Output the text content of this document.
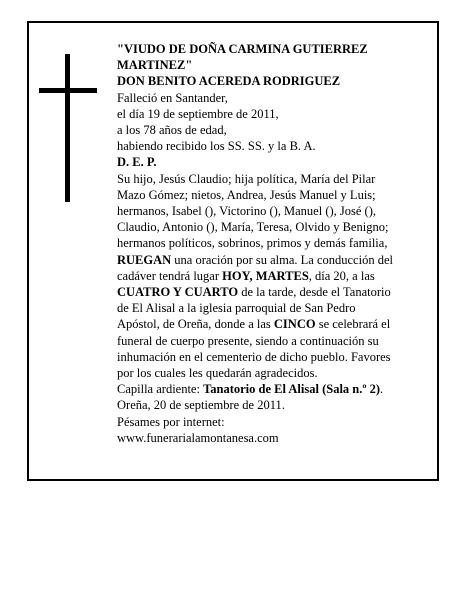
"VIUDO DE DOÑA CARMINA GUTIERREZ
MARTINEZ"
DON BENITO ACEREDA RODRIGUEZ
Falleció en Santander,
el día 19 de septiembre de 2011,
a los 78 años de edad,
habiendo recibido los SS. SS. y la B. A.
D. E. P.
Su hijo, Jesús Claudio; hija política, María del Pilar
Mazo Gómez; nietos, Andrea, Jesús Manuel y Luis;
hermanos, Isabel (), Victorino (), Manuel (), José (),
Claudio, Antonio (), María, Teresa, Olvido y Benigno;
hermanos políticos, sobrinos, primos y demás familia,
RUEGAN una oración por su alma. La conducción del
cadáver tendrá lugar HOY, MARTES, día 20, a las
CUATRO Y CUARTO de la tarde, desde el Tanatorio
de El Alisal a la iglesia parroquial de San Pedro
Apóstol, de Oreña, donde a las CINCO se celebrará el
funeral de cuerpo presente, siendo a continuación su
inhumación en el cementerio de dicho pueblo. Favores
por los cuales les quedarán agradecidos.
Capilla ardiente: Tanatorio de El Alisal (Sala n.º 2).
Oreña, 20 de septiembre de 2011.
Pésames por internet:
www.funerarialamontanesa.com
